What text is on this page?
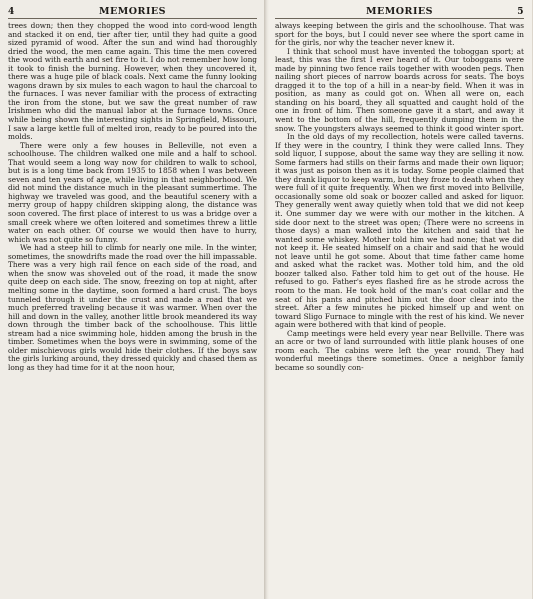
4	MEMORIES

trees down; then they chopped the wood into cord-wood length and stacked it on end, tier after tier, until they had quite a good sized pyramid of wood. After the sun and wind had thoroughly dried the wood, the men came again. This time the men covered the wood with earth and set fire to it. I do not remember how long it took to finish the burning. However, when they uncovered it, there was a huge pile of black coals. Next came the funny looking wagons drawn by six mules to each wagon to haul the charcoal to the furnaces. I was never familiar with the process of extracting the iron from the stone, but we saw the great number of raw Irishmen who did the manual labor at the furnace towns. Once while being shown the interesting sights in Springfield, Missouri, I saw a large kettle full of melted iron, ready to be poured into the molds.

There were only a few houses in Belleville, not even a schoolhouse. The children walked one mile and a half to school. That would seem a long way now for children to walk to school, but is is a long time back from 1935 to 1858 when I was between seven and ten years of age, while living in that neighborhood. We did not mind the distance much in the pleasant summertime. The highway we traveled was good, and the beautiful scenery with a merry group of happy children skipping along, the distance was soon covered. The first place of interest to us was a bridge over a small creek where we often loitered and sometimes threw a little water on each other. Of course we would then have to hurry, which was not quite so funny.

We had a steep hill to climb for nearly one mile. In the winter, sometimes, the snowdrifts made the road over the hill impassable. There was a very high rail fence on each side of the road, and when the snow was shoveled out of the road, it made the snow quite deep on each side. The snow, freezing on top at night, after melting some in the daytime, soon formed a hard crust. The boys tunneled through it under the crust and made a road that we much preferred traveling because it was warmer. When over the hill and down in the valley, another little brook meandered its way down through the timber back of the schoolhouse. This little stream had a nice swimming hole, hidden among the brush in the timber. Sometimes when the boys were in swimming, some of the older mischievous girls would hide their clothes. If the boys saw the girls lurking around, they dressed quickly and chased them as long as they had time for it at the noon hour,

MEMORIES	5

always keeping between the girls and the schoolhouse. That was sport for the boys, but I could never see where the sport came in for the girls, nor why the teacher never knew it.

I think that school must have invented the toboggan sport; at least, this was the first I ever heard of it. Our toboggans were made by pinning two fence rails together with wooden pegs. Then nailing short pieces of narrow boards across for seats. The boys dragged it to the top of a hill in a near-by field. When it was in position, as many as could got on. When all were on, each standing on his board, they all squatted and caught hold of the one in front of him. Then someone gave it a start, and away it went to the bottom of the hill, frequently dumping them in the snow. The youngsters always seemed to think it good winter sport.

In the old days of my recollection, hotels were called taverns. If they were in the country, I think they were called Inns. They sold liquor, I suppose, about the same way they are selling it now. Some farmers had stills on their farms and made their own liquor; it was just as poison then as it is today. Some people claimed that they drank liquor to keep warm, but they froze to death when they were full of it quite frequently. When we first moved into Bellville, occasionally some old soak or boozer called and asked for liquor. They generally went away quietly when told that we did not keep it. One summer day we were with our mother in the kitchen. A side door next to the street was open; (There were no screens in those days) a man walked into the kitchen and said that he wanted some whiskey. Mother told him we had none; that we did not keep it. He seated himself on a chair and said that he would not leave until he got some. About that time father came home and asked what the racket was. Mother told him, and the old boozer talked also. Father told him to get out of the house. He refused to go. Father's eyes flashed fire as he strode across the room to the man. He took hold of the man's coat collar and the seat of his pants and pitched him out the door clear into the street. After a few minutes he picked himself up and went on toward Sligo Furnace to mingle with the rest of his kind. We never again were bothered with that kind of people.

Camp meetings were held every year near Bellville. There was an acre or two of land surrounded with little plank houses of one room each. The cabins were left the year round. They had wonderful meetings there sometimes. Once a neighbor family became so soundly con-
